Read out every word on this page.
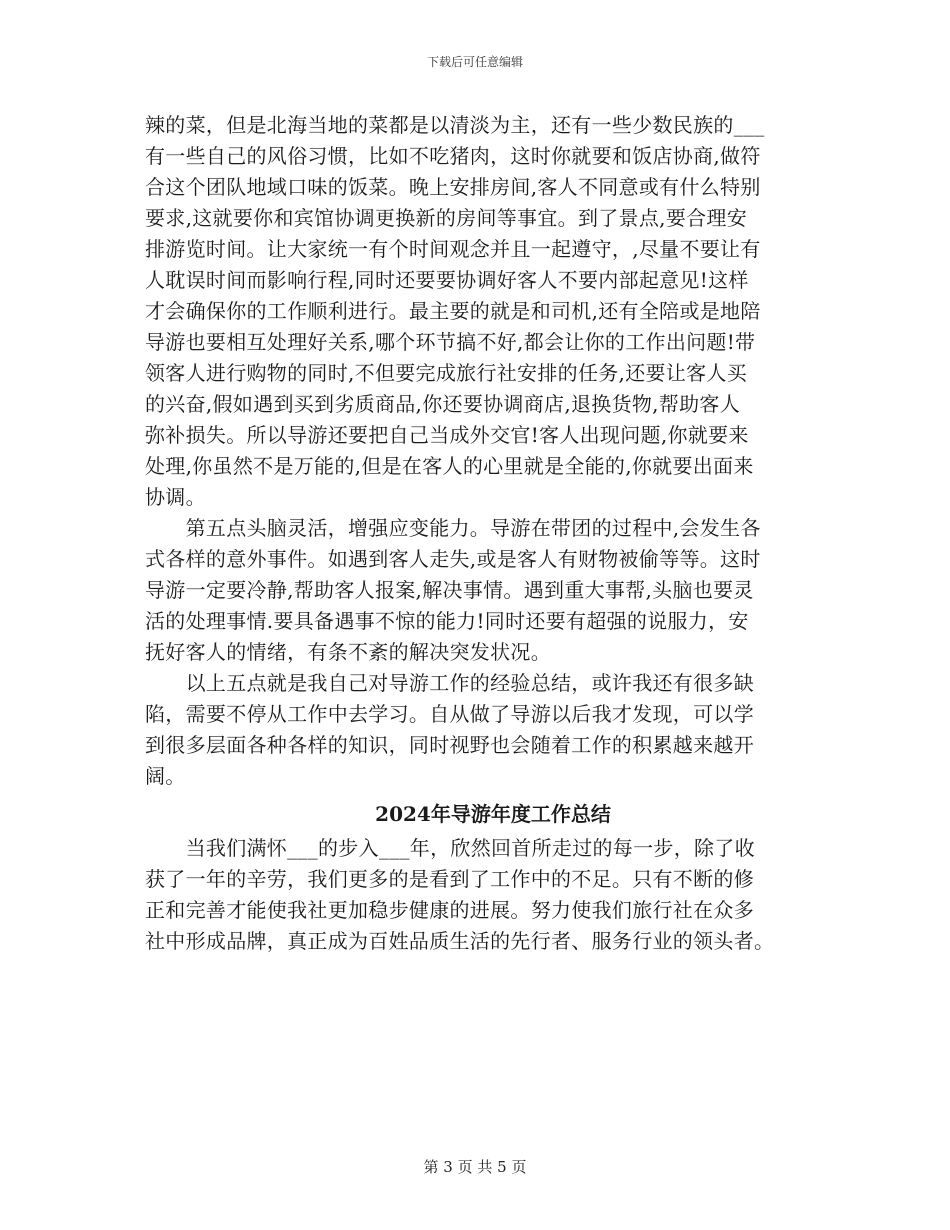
下载后可任意编辑
辣的菜，但是北海当地的菜都是以清淡为主，还有一些少数民族的___
有一些自己的风俗习惯，比如不吃猪肉，这时你就要和饭店协商,做符
合这个团队地域口味的饭菜。晚上安排房间,客人不同意或有什么特别
要求,这就要你和宾馆协调更换新的房间等事宜。到了景点,要合理安
排游览时间。让大家统一有个时间观念并且一起遵守，,尽量不要让有
人耽误时间而影响行程,同时还要要协调好客人不要内部起意见!这样
才会确保你的工作顺利进行。最主要的就是和司机,还有全陪或是地陪
导游也要相互处理好关系,哪个环节搞不好,都会让你的工作出问题!带
领客人进行购物的同时,不但要完成旅行社安排的任务,还要让客人买
的兴奋,假如遇到买到劣质商品,你还要协调商店,退换货物,帮助客人
弥补损失。所以导游还要把自己当成外交官!客人出现问题,你就要来
处理,你虽然不是万能的,但是在客人的心里就是全能的,你就要出面来
协调。
　　第五点头脑灵活，增强应变能力。导游在带团的过程中,会发生各
式各样的意外事件。如遇到客人走失,或是客人有财物被偷等等。这时
导游一定要冷静,帮助客人报案,解决事情。遇到重大事帮,头脑也要灵
活的处理事情.要具备遇事不惊的能力!同时还要有超强的说服力，安
抚好客人的情绪，有条不紊的解决突发状况。
　　以上五点就是我自己对导游工作的经验总结，或许我还有很多缺
陷，需要不停从工作中去学习。自从做了导游以后我才发现，可以学
到很多层面各种各样的知识，同时视野也会随着工作的积累越来越开
阔。
2024年导游年度工作总结
　　当我们满怀___的步入___年，欣然回首所走过的每一步，除了收
获了一年的辛劳，我们更多的是看到了工作中的不足。只有不断的修
正和完善才能使我社更加稳步健康的进展。努力使我们旅行社在众多
社中形成品牌，真正成为百姓品质生活的先行者、服务行业的领头者。
第 3 页 共 5 页
